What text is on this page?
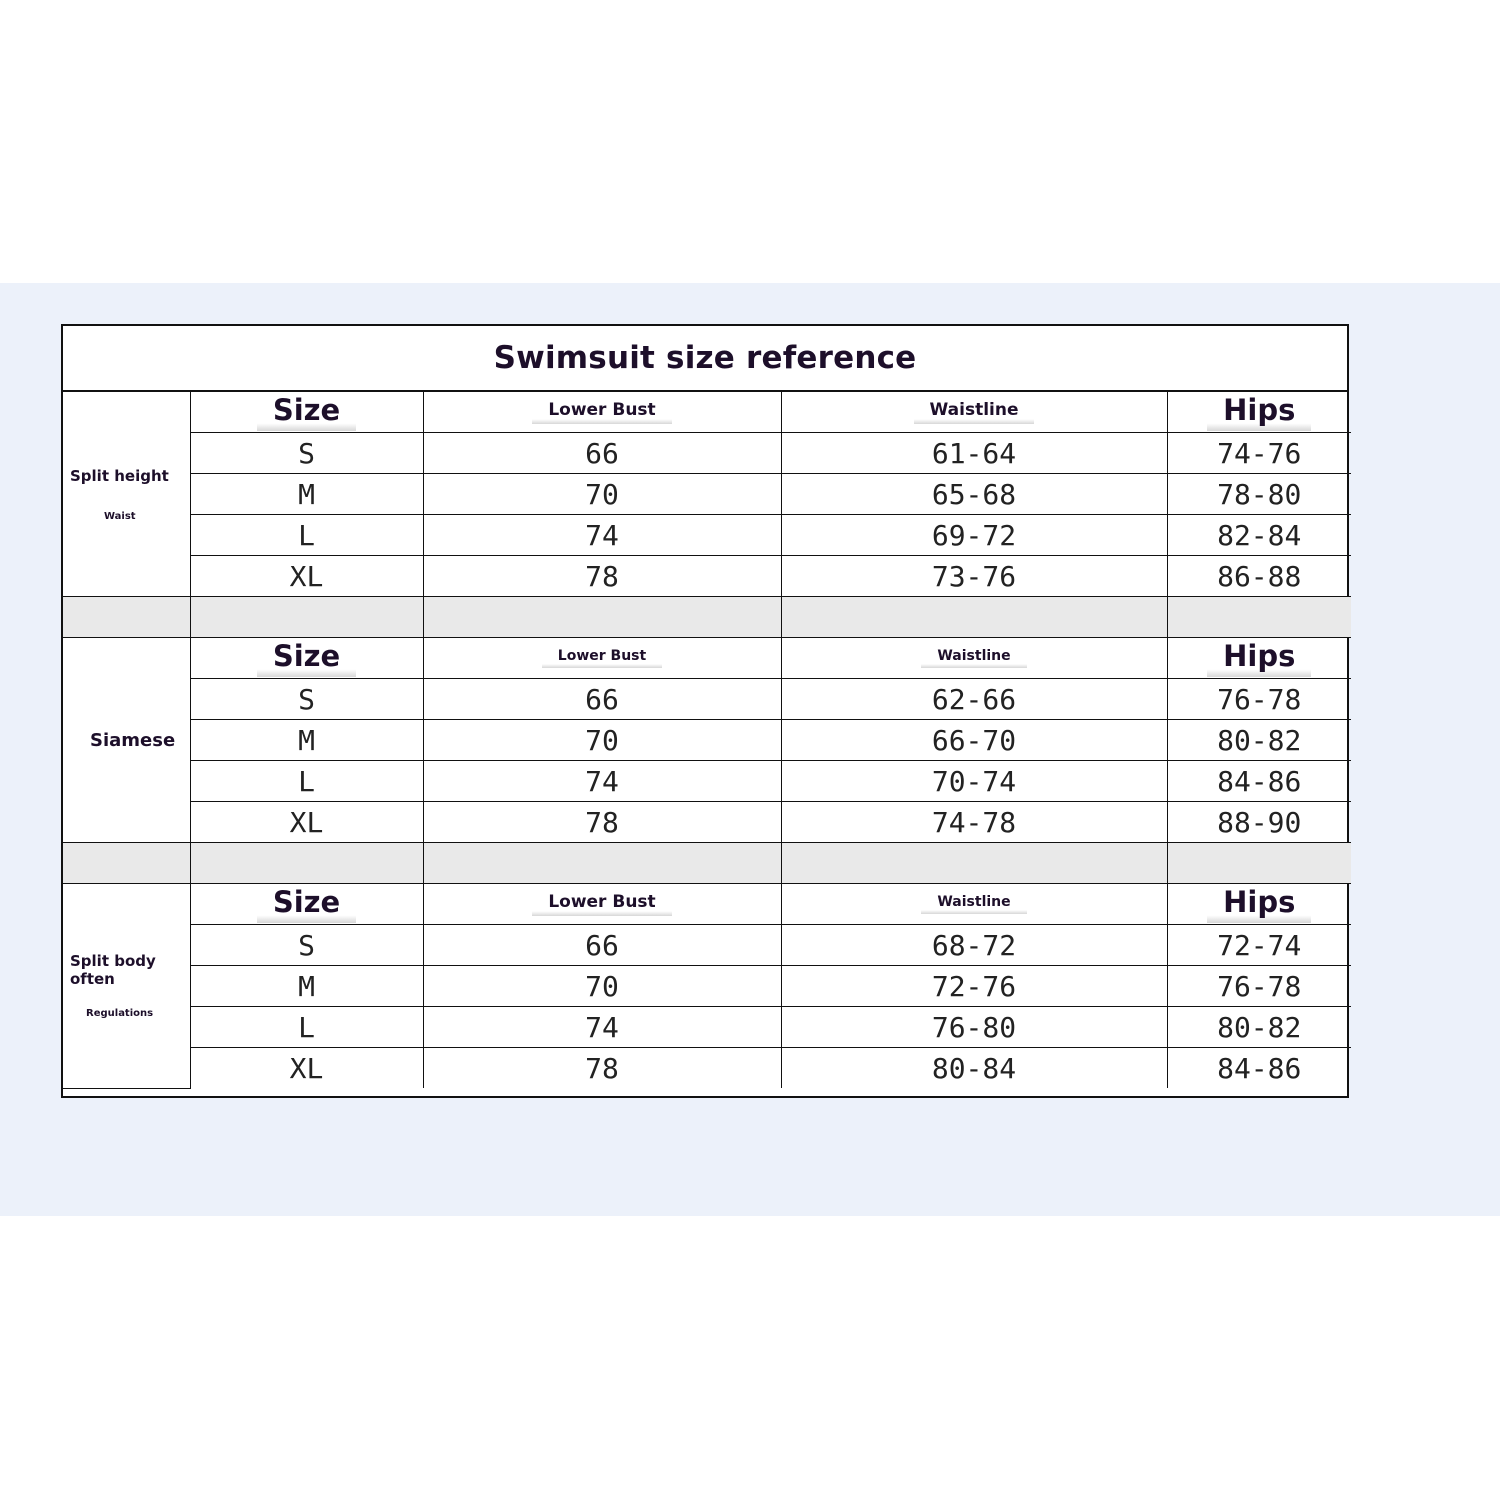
Swimsuit size reference
Split height
Waist	Size	Lower Bust	Waistline	Hips
	S	66	61-64	74-76
	M	70	65-68	78-80
	L	74	69-72	82-84
	XL	78	73-76	86-88

Siamese	Size	Lower Bust	Waistline	Hips
	S	66	62-66	76-78
	M	70	66-70	80-82
	L	74	70-74	84-86
	XL	78	74-78	88-90

Split body often
Regulations	Size	Lower Bust	Waistline	Hips
	S	66	68-72	72-74
	M	70	72-76	76-78
	L	74	76-80	80-82
	XL	78	80-84	84-86
